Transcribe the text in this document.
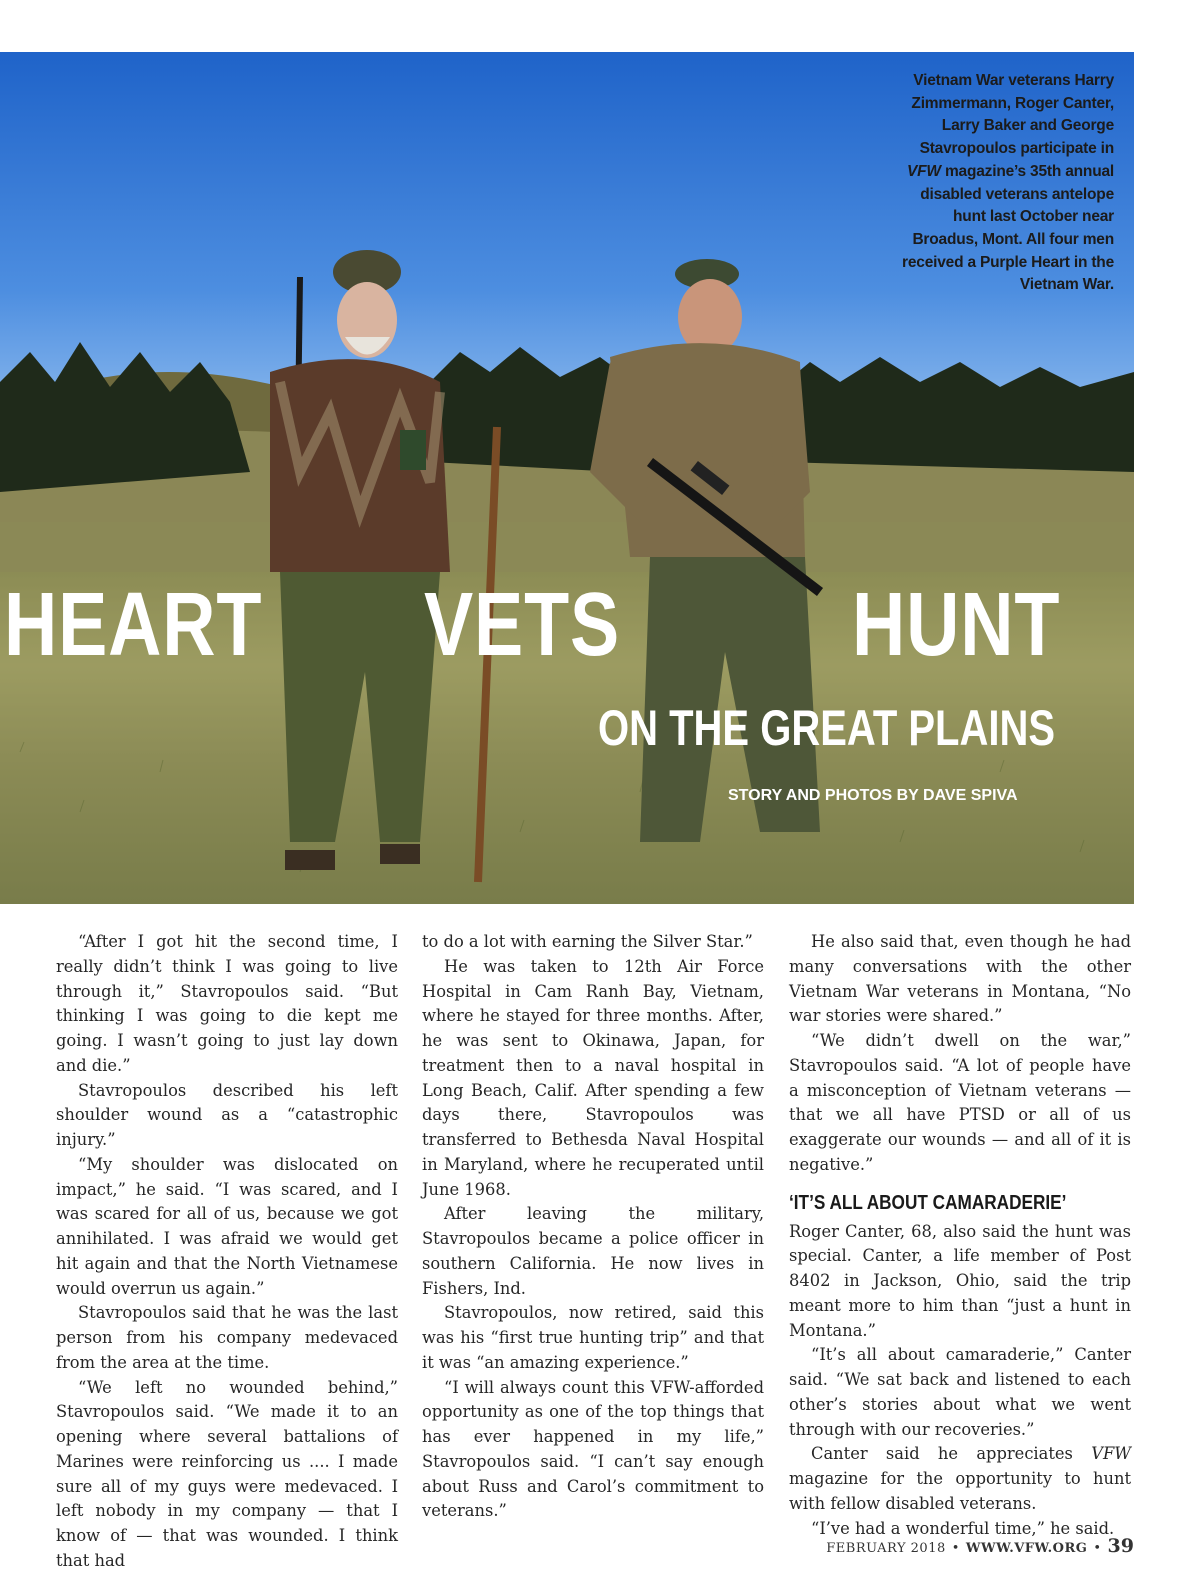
Vietnam War veterans Harry Zimmermann, Roger Canter, Larry Baker and George Stavropoulos participate in VFW magazine’s 35th annual disabled veterans antelope hunt last October near Broadus, Mont. All four men received a Purple Heart in the Vietnam War.
HEART VETS	HUNT
ON THE GREAT PLAINS
STORY AND PHOTOS BY DAVE SPIVA

“After I got hit the second time, I really didn’t think I was going to live through it,” Stavropoulos said. “But thinking I was going to die kept me going. I wasn’t going to just lay down and die.”

Stavropoulos described his left shoulder wound as a “catastrophic injury.”

“My shoulder was dislocated on impact,” he said. “I was scared, and I was scared for all of us, because we got annihilated. I was afraid we would get hit again and that the North Vietnamese would overrun us again.”

Stavropoulos said that he was the last person from his company medevaced from the area at the time.

“We left no wounded behind,” Stavropoulos said. “We made it to an opening where several battalions of Marines were reinforcing us .... I made sure all of my guys were medevaced. I left nobody in my company — that I know of — that was wounded. I think that had

to do a lot with earning the Silver Star.”

He was taken to 12th Air Force Hospital in Cam Ranh Bay, Vietnam, where he stayed for three months. After, he was sent to Okinawa, Japan, for treatment then to a naval hospital in Long Beach, Calif. After spending a few days there, Stavropoulos was transferred to Bethesda Naval Hospital in Maryland, where he recuperated until June 1968.

After leaving the military, Stavropoulos became a police officer in southern California. He now lives in Fishers, Ind.

Stavropoulos, now retired, said this was his “first true hunting trip” and that it was “an amazing experience.”

“I will always count this VFW-afforded opportunity as one of the top things that has ever happened in my life,” Stavropoulos said. “I can’t say enough about Russ and Carol’s commitment to veterans.”

He also said that, even though he had many conversations with the other Vietnam War veterans in Montana, “No war stories were shared.”

“We didn’t dwell on the war,” Stavropoulos said. “A lot of people have a misconception of Vietnam veterans — that we all have PTSD or all of us exaggerate our wounds — and all of it is negative.”

‘IT’S ALL ABOUT CAMARADERIE’

Roger Canter, 68, also said the hunt was special. Canter, a life member of Post 8402 in Jackson, Ohio, said the trip meant more to him than “just a hunt in Montana.”

“It’s all about camaraderie,” Canter said. “We sat back and listened to each other’s stories about what we went through with our recoveries.”

Canter said he appreciates VFW magazine for the opportunity to hunt with fellow disabled veterans.

“I’ve had a wonderful time,” he said.

FEBRUARY 2018 • WWW.VFW.ORG • 39
